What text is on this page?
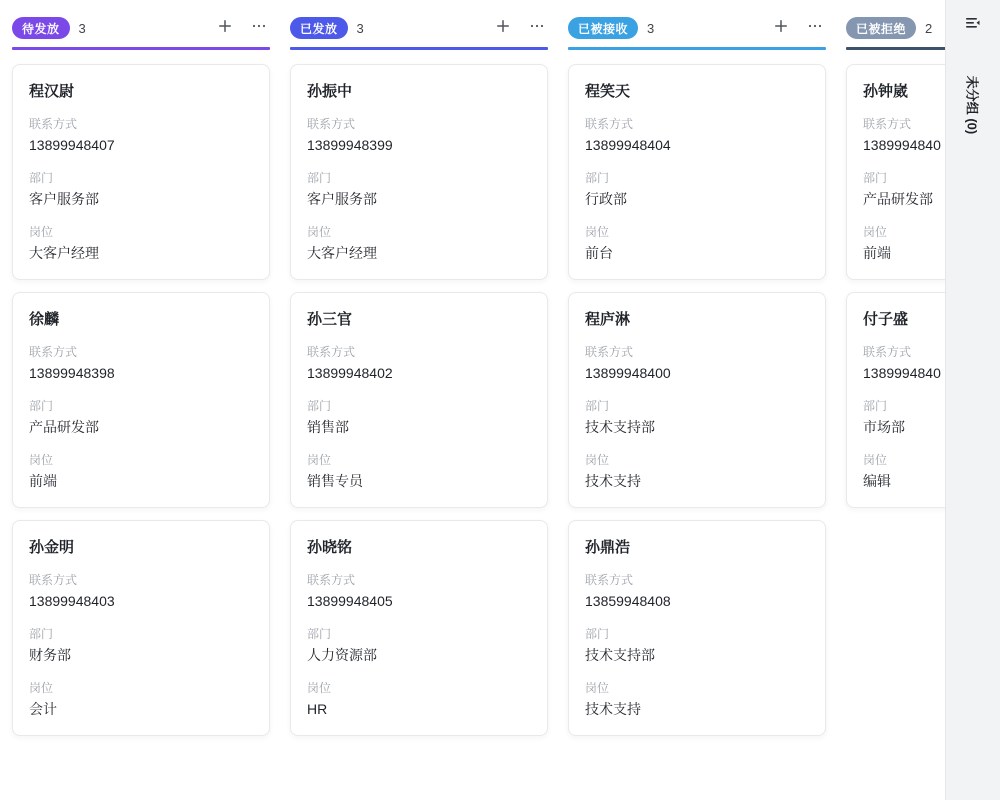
待发放 3
程汉尉
联系方式
13899948407
部门
客户服务部
岗位
大客户经理
徐麟
联系方式
13899948398
部门
产品研发部
岗位
前端
孙金明
联系方式
13899948403
部门
财务部
岗位
会计
已发放 3
孙振中
联系方式
13899948399
部门
客户服务部
岗位
大客户经理
孙三官
联系方式
13899948402
部门
销售部
岗位
销售专员
孙晓铭
联系方式
13899948405
部门
人力资源部
岗位
HR
已被接收 3
程笑天
联系方式
13899948404
部门
行政部
岗位
前台
程庐淋
联系方式
13899948400
部门
技术支持部
岗位
技术支持
孙鼎浩
联系方式
13859948408
部门
技术支持部
岗位
技术支持
已被拒绝 2
孙钟崴
联系方式
1389994840
部门
产品研发部
岗位
前端
付子盛
联系方式
1389994840
部门
市场部
岗位
编辑
未分组 (0)
